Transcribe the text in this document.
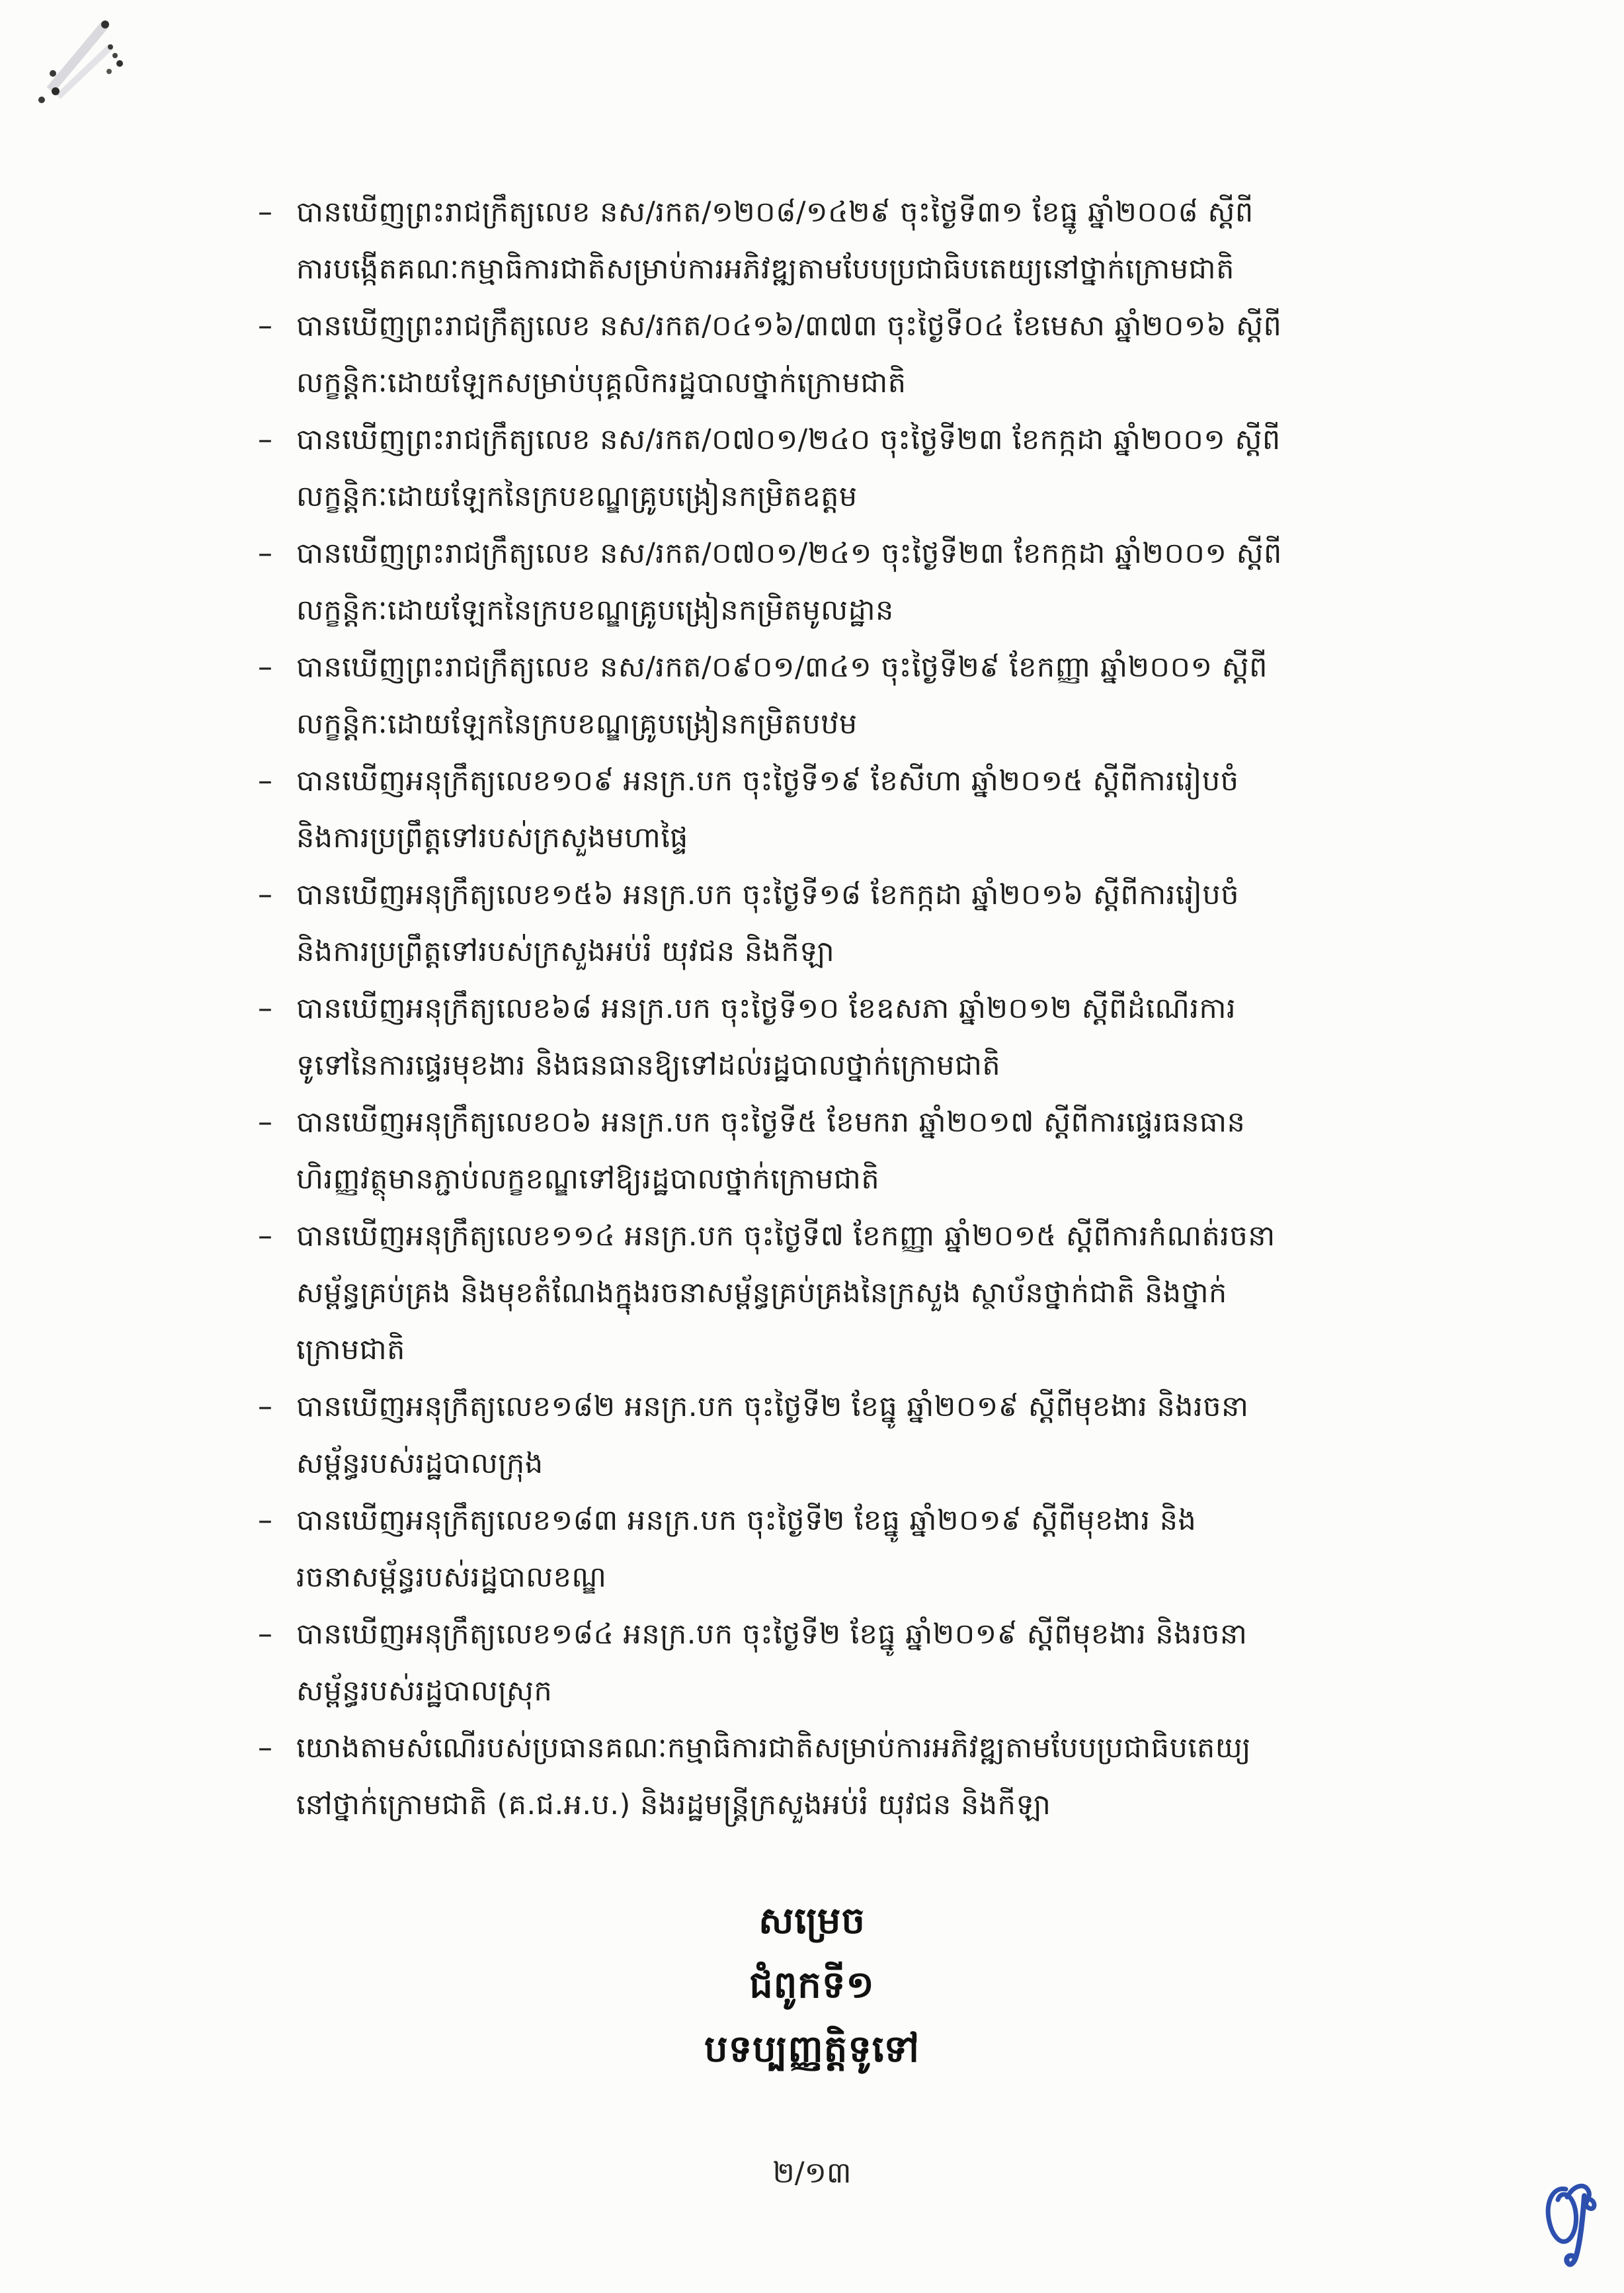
– បានឃើញព្រះរាជក្រឹត្យលេខ នស/រកត/១២០៨/១៤២៩ ចុះថ្ងៃទី៣១ ខែធ្នូ ឆ្នាំ២០០៨ ស្តីពី
ការបង្កើតគណៈកម្មាធិការជាតិសម្រាប់ការអភិវឌ្ឍតាមបែបប្រជាធិបតេយ្យនៅថ្នាក់ក្រោមជាតិ
– បានឃើញព្រះរាជក្រឹត្យលេខ នស/រកត/០៤១៦/៣៧៣ ចុះថ្ងៃទី០៤ ខែមេសា ឆ្នាំ២០១៦ ស្តីពី
លក្ខន្តិកៈដោយឡែកសម្រាប់បុគ្គលិករដ្ឋបាលថ្នាក់ក្រោមជាតិ
– បានឃើញព្រះរាជក្រឹត្យលេខ នស/រកត/០៧០១/២៤០ ចុះថ្ងៃទី២៣ ខែកក្កដា ឆ្នាំ២០០១ ស្តីពី
លក្ខន្តិកៈដោយឡែកនៃក្របខណ្ឌគ្រូបង្រៀនកម្រិតឧត្តម
– បានឃើញព្រះរាជក្រឹត្យលេខ នស/រកត/០៧០១/២៤១ ចុះថ្ងៃទី២៣ ខែកក្កដា ឆ្នាំ២០០១ ស្តីពី
លក្ខន្តិកៈដោយឡែកនៃក្របខណ្ឌគ្រូបង្រៀនកម្រិតមូលដ្ឋាន
– បានឃើញព្រះរាជក្រឹត្យលេខ នស/រកត/០៩០១/៣៤១ ចុះថ្ងៃទី២៩ ខែកញ្ញា ឆ្នាំ២០០១ ស្តីពី
លក្ខន្តិកៈដោយឡែកនៃក្របខណ្ឌគ្រូបង្រៀនកម្រិតបឋម
– បានឃើញអនុក្រឹត្យលេខ១០៩ អនក្រ.បក ចុះថ្ងៃទី១៩ ខែសីហា ឆ្នាំ២០១៥ ស្តីពីការរៀបចំ
និងការប្រព្រឹត្តទៅរបស់ក្រសួងមហាផ្ទៃ
– បានឃើញអនុក្រឹត្យលេខ១៥៦ អនក្រ.បក ចុះថ្ងៃទី១៨ ខែកក្កដា ឆ្នាំ២០១៦ ស្តីពីការរៀបចំ
និងការប្រព្រឹត្តទៅរបស់ក្រសួងអប់រំ យុវជន និងកីឡា
– បានឃើញអនុក្រឹត្យលេខ៦៨ អនក្រ.បក ចុះថ្ងៃទី១០ ខែឧសភា ឆ្នាំ២០១២ ស្តីពីដំណើរការ
ទូទៅនៃការផ្ទេរមុខងារ និងធនធានឱ្យទៅដល់រដ្ឋបាលថ្នាក់ក្រោមជាតិ
– បានឃើញអនុក្រឹត្យលេខ០៦ អនក្រ.បក ចុះថ្ងៃទី៥ ខែមករា ឆ្នាំ២០១៧ ស្តីពីការផ្ទេរធនធាន
ហិរញ្ញវត្ថុមានភ្ជាប់លក្ខខណ្ឌទៅឱ្យរដ្ឋបាលថ្នាក់ក្រោមជាតិ
– បានឃើញអនុក្រឹត្យលេខ១១៤ អនក្រ.បក ចុះថ្ងៃទី៧ ខែកញ្ញា ឆ្នាំ២០១៥ ស្តីពីការកំណត់រចនា
សម្ព័ន្ធគ្រប់គ្រង និងមុខតំណែងក្នុងរចនាសម្ព័ន្ធគ្រប់គ្រងនៃក្រសួង ស្ថាប័នថ្នាក់ជាតិ និងថ្នាក់
ក្រោមជាតិ
– បានឃើញអនុក្រឹត្យលេខ១៨២ អនក្រ.បក ចុះថ្ងៃទី២ ខែធ្នូ ឆ្នាំ២០១៩ ស្តីពីមុខងារ និងរចនា
សម្ព័ន្ធរបស់រដ្ឋបាលក្រុង
– បានឃើញអនុក្រឹត្យលេខ១៨៣ អនក្រ.បក ចុះថ្ងៃទី២ ខែធ្នូ ឆ្នាំ២០១៩ ស្តីពីមុខងារ និង
រចនាសម្ព័ន្ធរបស់រដ្ឋបាលខណ្ឌ
– បានឃើញអនុក្រឹត្យលេខ១៨៤ អនក្រ.បក ចុះថ្ងៃទី២ ខែធ្នូ ឆ្នាំ២០១៩ ស្តីពីមុខងារ និងរចនា
សម្ព័ន្ធរបស់រដ្ឋបាលស្រុក
– យោងតាមសំណើរបស់ប្រធានគណៈកម្មាធិការជាតិសម្រាប់ការអភិវឌ្ឍតាមបែបប្រជាធិបតេយ្យ
នៅថ្នាក់ក្រោមជាតិ (គ.ជ.អ.ប.) និងរដ្ឋមន្ត្រីក្រសួងអប់រំ យុវជន និងកីឡា
សម្រេច
ជំពូកទី១
បទប្បញ្ញត្តិទូទៅ
២/១៣
